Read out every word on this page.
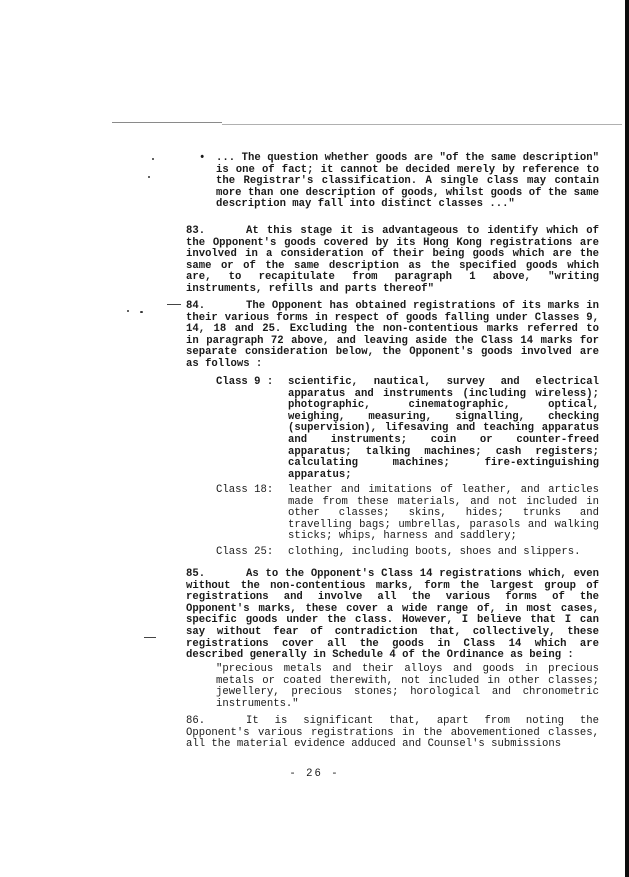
• ... The question whether goods are "of the same description" is one of fact; it cannot be decided merely by reference to the Registrar's classification. A single class may contain more than one description of goods, whilst goods of the same description may fall into distinct classes ..."
83.	At this stage it is advantageous to identify which of the Opponent's goods covered by its Hong Kong registrations are involved in a consideration of their being goods which are the same or of the same description as the specified goods which are, to recapitulate from paragraph 1 above, "writing instruments, refills and parts thereof"
84.	The Opponent has obtained registrations of its marks in their various forms in respect of goods falling under Classes 9, 14, 18 and 25. Excluding the non-contentious marks referred to in paragraph 72 above, and leaving aside the Class 14 marks for separate consideration below, the Opponent's goods involved are as follows :
Class 9 : scientific, nautical, survey and electrical apparatus and instruments (including wireless); photographic, cinematographic, optical, weighing, measuring, signalling, checking (supervision), lifesaving and teaching apparatus and instruments; coin or counter-freed apparatus; talking machines; cash registers; calculating machines; fire-extinguishing apparatus;
Class 18: leather and imitations of leather, and articles made from these materials, and not included in other classes; skins, hides; trunks and travelling bags; umbrellas, parasols and walking sticks; whips, harness and saddlery;
Class 25: clothing, including boots, shoes and slippers.
85.	As to the Opponent's Class 14 registrations which, even without the non-contentious marks, form the largest group of registrations and involve all the various forms of the Opponent's marks, these cover a wide range of, in most cases, specific goods under the class. However, I believe that I can say without fear of contradiction that, collectively, these registrations cover all the goods in Class 14 which are described generally in Schedule 4 of the Ordinance as being :
"precious metals and their alloys and goods in precious metals or coated therewith, not included in other classes; jewellery, precious stones; horological and chronometric instruments."
86.	It is significant that, apart from noting the Opponent's various registrations in the abovementioned classes, all the material evidence adduced and Counsel's submissions
- 26 -
